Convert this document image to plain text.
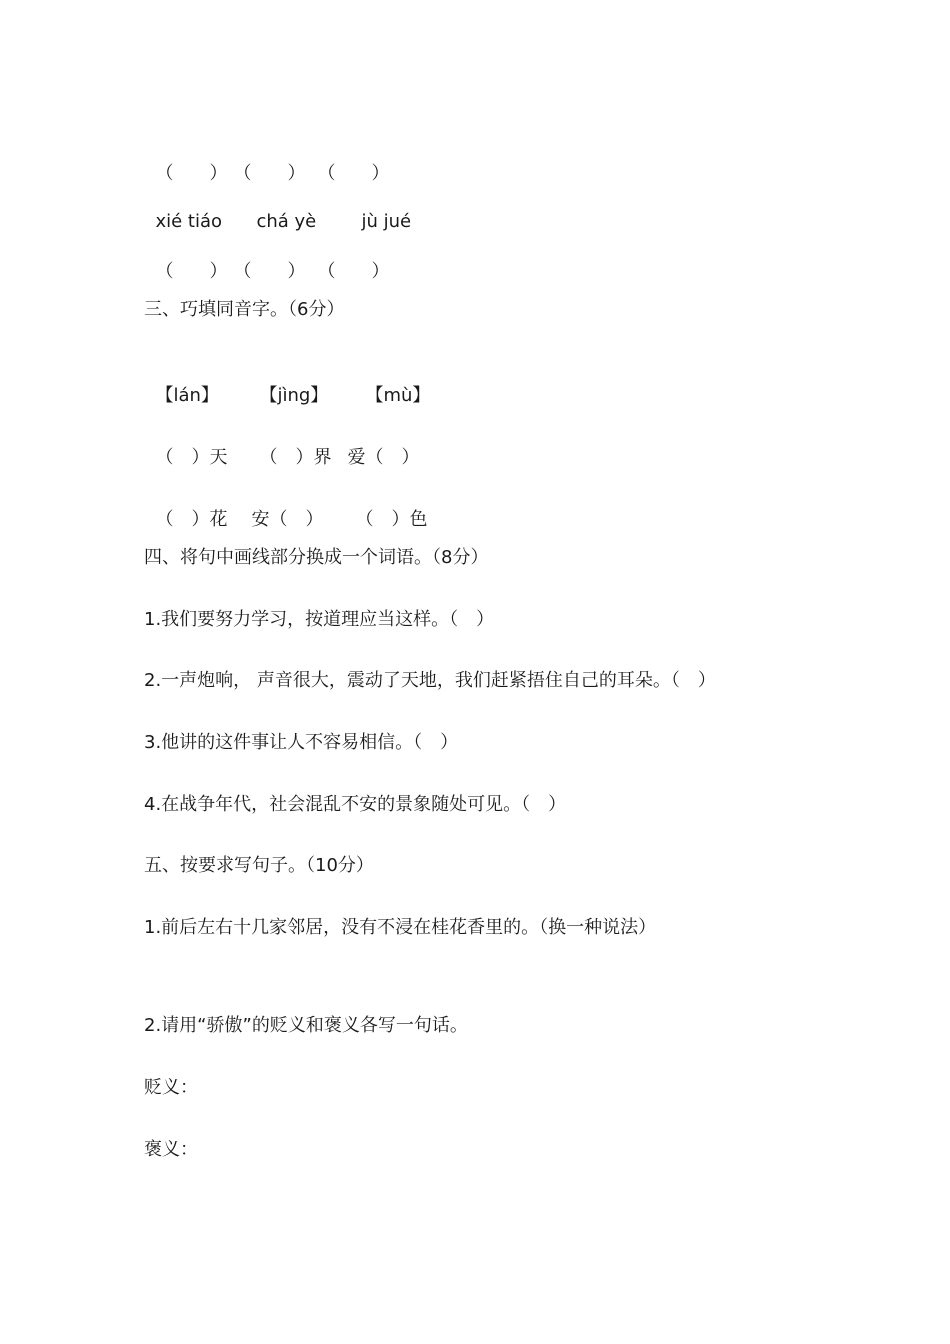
（　　） （　　） （　　）

xié tiáo chá yè	jù jué

（　　） （　　） （　　）

三、巧填同音字。（6分）

【lán】 【jìng】 【mù】

（　）天 （　）界 爱（　）

（　）花 安（　） （　）色

四、将句中画线部分换成一个词语。（8分）
1.我们要努力学习，按道理应当这样。（　）
2.一声炮响， 声音很大，震动了天地，我们赶紧捂住自己的耳朵。（　）
3.他讲的这件事让人不容易相信。（　）
4.在战争年代，社会混乱不安的景象随处可见。（　）
五、按要求写句子。（10分）
1.前后左右十几家邻居，没有不浸在桂花香里的。（换一种说法）
2.请用“骄傲”的贬义和褒义各写一句话。
贬义：
褒义：
